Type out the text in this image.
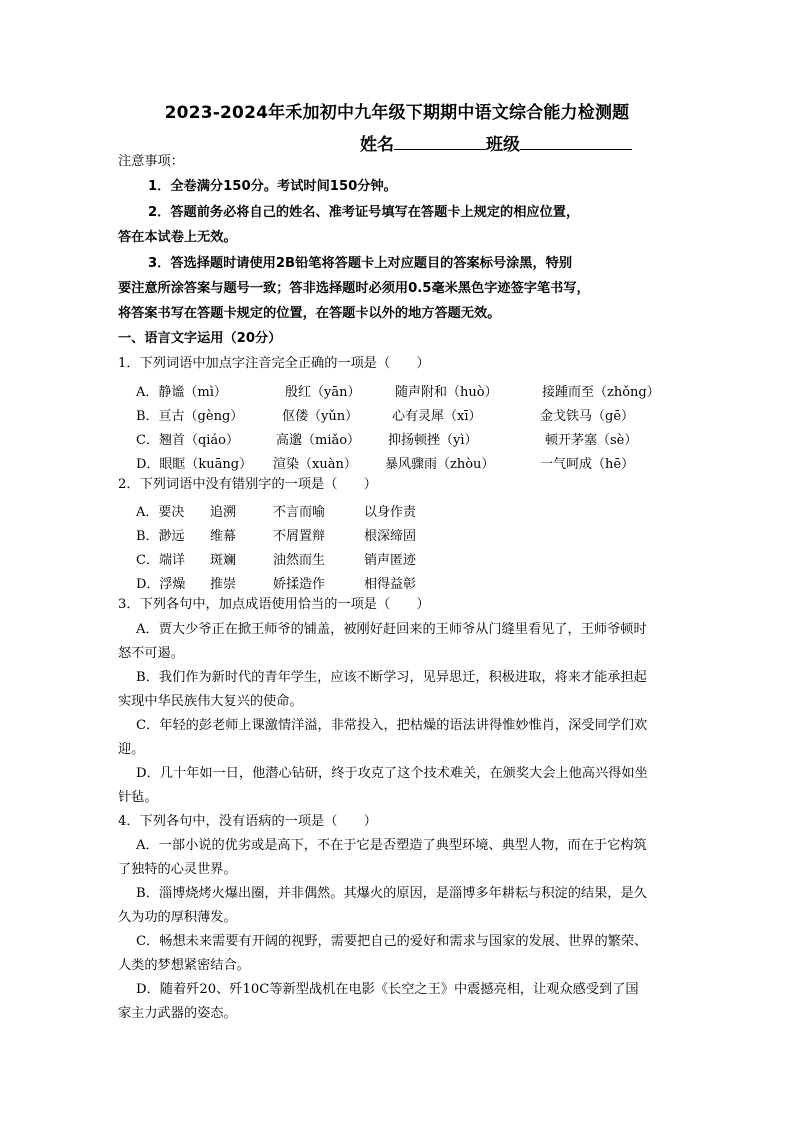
2023-2024年禾加初中九年级下期期中语文综合能力检测题
姓名	班级
注意事项：
1．全卷满分150分。考试时间150分钟。
2．答题前务必将自己的姓名、准考证号填写在答题卡上规定的相应位置，
答在本试卷上无效。
3．答选择题时请使用2B铅笔将答题卡上对应题目的答案标号涂黑，特别
要注意所涂答案与题号一致；答非选择题时必须用0.5毫米黑色字迹签字笔书写，
将答案书写在答题卡规定的位置，在答题卡以外的地方答题无效。
一、语言文字运用（20分）
1．下列词语中加点字注音完全正确的一项是（　　）
A．静谧（mì）	殷红（yān）	随声附和（huò）	接踵而至（zhǒng）
B．亘古（gèng）	伛偻（yǔn）	心有灵犀（xī）	金戈铁马（gē）
C．翘首（qiáo）	高邈（miǎo） 抑扬顿挫（yì）	顿开茅塞（sè）
D．眼眶（kuāng） 渲染（xuàn） 暴风骤雨（zhòu）	一气呵成（hē）
2．下列词语中没有错别字的一项是（　　）
A．要决 追溯	不言而喻	以身作责
B．渺远 维幕	不屑置辩	根深缔固
C．端详 斑斓	油然而生	销声匿迹
D．浮燥 推崇	娇揉造作	相得益彰
3．下列各句中，加点成语使用恰当的一项是（　　）
A．贾大少爷正在掀王师爷的铺盖，被刚好赶回来的王师爷从门缝里看见了，王师爷顿时
怒不可遏。
B．我们作为新时代的青年学生，应该不断学习，见异思迁，积极进取，将来才能承担起
实现中华民族伟大复兴的使命。
C．年轻的彭老师上课激情洋溢，非常投入，把枯燥的语法讲得惟妙惟肖，深受同学们欢
迎。
D．几十年如一日，他潜心钻研，终于攻克了这个技术难关，在颁奖大会上他高兴得如坐
针毡。
4．下列各句中，没有语病的一项是（　　）
A．一部小说的优劣或是高下，不在于它是否塑造了典型环境、典型人物，而在于它构筑
了独特的心灵世界。
B．淄博烧烤火爆出圈，并非偶然。其爆火的原因，是淄博多年耕耘与积淀的结果，是久
久为功的厚积薄发。
C．畅想未来需要有开阔的视野，需要把自己的爱好和需求与国家的发展、世界的繁荣、
人类的梦想紧密结合。
D．随着歼20、歼10C等新型战机在电影《长空之王》中震撼亮相，让观众感受到了国
家主力武器的姿态。
